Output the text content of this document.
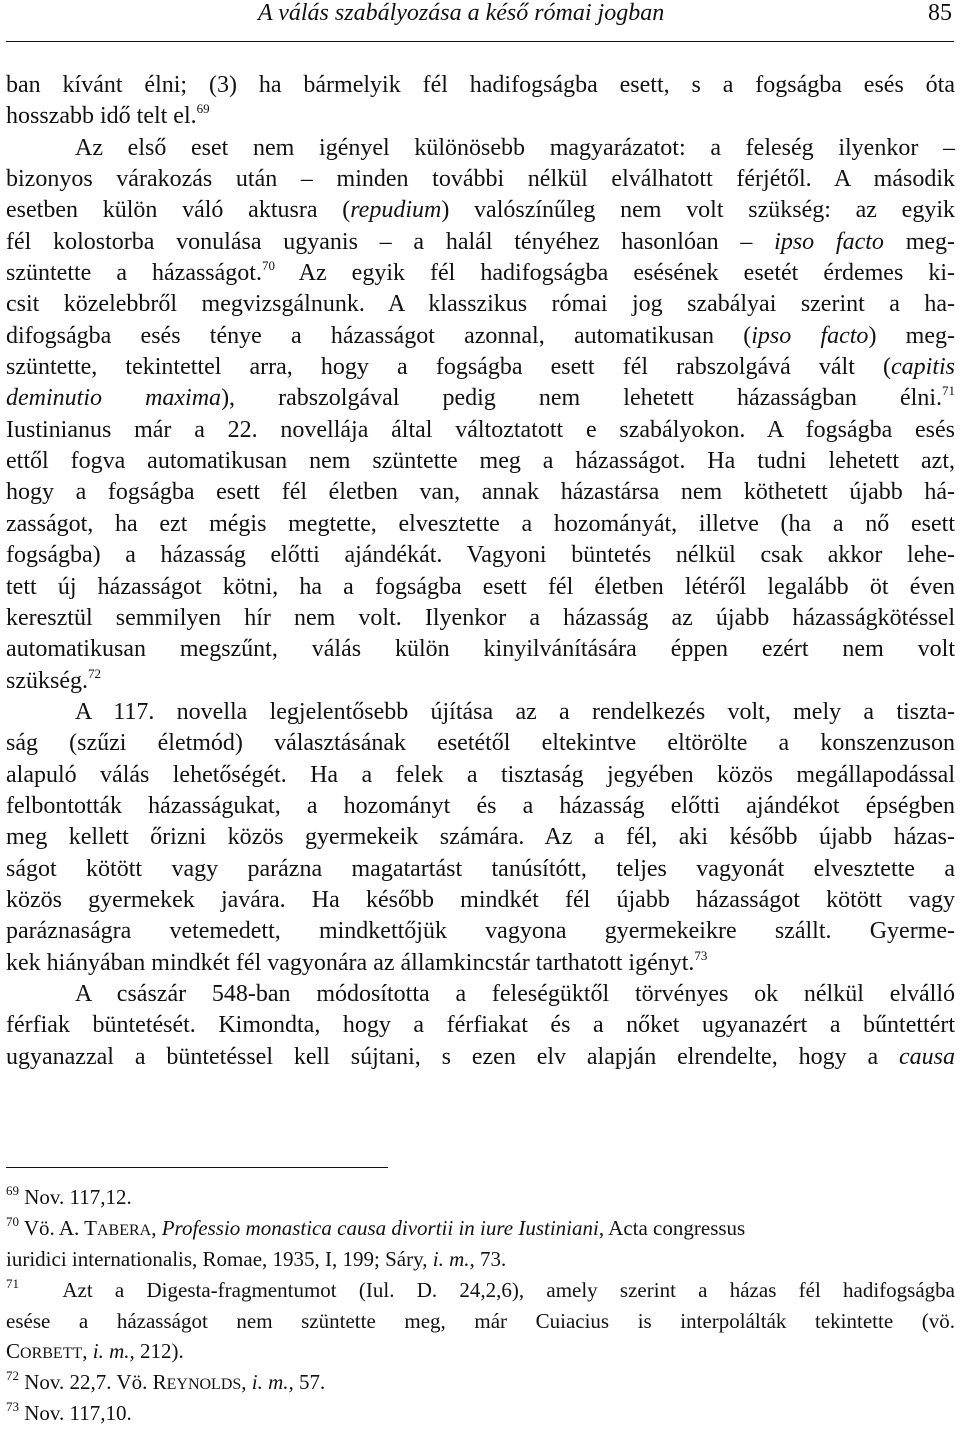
A válás szabályozása a késő római jogban	85
ban kívánt élni; (3) ha bármelyik fél hadifogságba esett, s a fogságba esés óta
hosszabb idő telt el.$^{69}$
Az első eset nem igényel különösebb magyarázatot: a feleség ilyenkor –
bizonyos várakozás után – minden további nélkül elválhatott férjétől. A második
esetben külön váló aktusra (repudium) valószínűleg nem volt szükség: az egyik
fél kolostorba vonulása ugyanis – a halál tényéhez hasonlóan – ipso facto meg-
szüntette a házasságot.$^{70}$ Az egyik fél hadifogságba esésének esetét érdemes ki-
csit közelebbről megvizsgálnunk. A klasszikus római jog szabályai szerint a ha-
difogságba esés ténye a házasságot azonnal, automatikusan (ipso facto) meg-
szüntette, tekintettel arra, hogy a fogságba esett fél rabszolgává vált (capitis
deminutio maxima), rabszolgával pedig nem lehetett házasságban élni.$^{71}$
Iustinianus már a 22. novellája által változtatott e szabályokon. A fogságba esés
ettől fogva automatikusan nem szüntette meg a házasságot. Ha tudni lehetett azt,
hogy a fogságba esett fél életben van, annak házastársa nem köthetett újabb há-
zasságot, ha ezt mégis megtette, elvesztette a hozományát, illetve (ha a nő esett
fogságba) a házasság előtti ajándékát. Vagyoni büntetés nélkül csak akkor lehe-
tett új házasságot kötni, ha a fogságba esett fél életben létéről legalább öt éven
keresztül semmilyen hír nem volt. Ilyenkor a házasság az újabb házasságkötéssel
automatikusan megszűnt, válás külön kinyilvánítására éppen ezért nem volt
szükség.$^{72}$
A 117. novella legjelentősebb újítása az a rendelkezés volt, mely a tiszta-
ság (szűzi életmód) választásának esetétől eltekintve eltörölte a konszenzuson
alapuló válás lehetőségét. Ha a felek a tisztaság jegyében közös megállapodással
felbontották házasságukat, a hozományt és a házasság előtti ajándékot épségben
meg kellett őrizni közös gyermekeik számára. Az a fél, aki később újabb házas-
ságot kötött vagy parázna magatartást tanúsítótt, teljes vagyonát elvesztette a
közös gyermekek javára. Ha később mindkét fél újabb házasságot kötött vagy
paráznaságra vetemedett, mindkettőjük vagyona gyermekeikre szállt. Gyerme-
kek hiányában mindkét fél vagyonára az államkincstár tarthatott igényt.$^{73}$
A császár 548-ban módosította a feleségüktől törvényes ok nélkül elválló
férfiak büntetését. Kimondta, hogy a férfiakat és a nőket ugyanazért a bűntettért
ugyanazzal a büntetéssel kell sújtani, s ezen elv alapján elrendelte, hogy a causa
$^{69}$ Nov. 117,12.
$^{70}$ Vö. A. TABERA, Professio monastica causa divortii in iure Iustiniani, Acta congressus
iuridici internationalis, Romae, 1935, I, 199; Sáry, i. m., 73.
$^{71}$ Azt a Digesta-fragmentumot (Iul. D. 24,2,6), amely szerint a házas fél hadifogságba
esése a házasságot nem szüntette meg, már Cuiacius is interpolálták tekintette (vö.
CORBETT, i. m., 212).
$^{72}$ Nov. 22,7. Vö. REYNOLDS, i. m., 57.
$^{73}$ Nov. 117,10.
